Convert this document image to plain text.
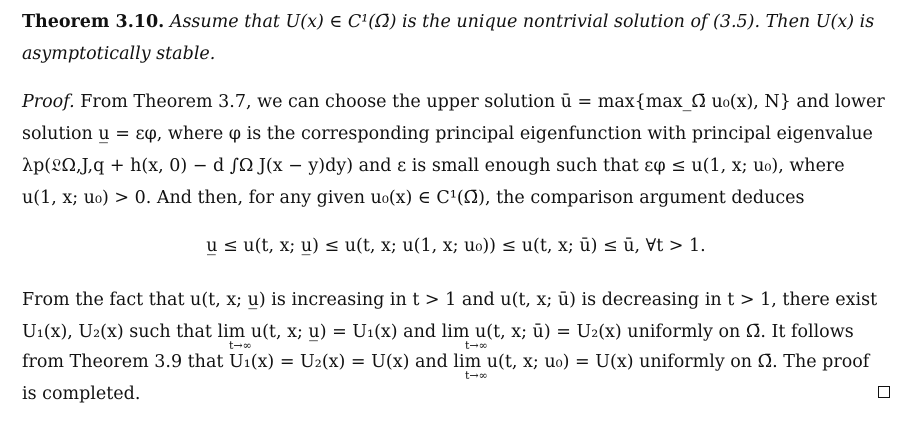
Theorem 3.10. Assume that U(x) ∈ C¹(Ω̄) is the unique nontrivial solution of (3.5). Then U(x) is
asymptotically stable.
Proof. From Theorem 3.7, we can choose the upper solution ū = max{max_Ω̄ u₀(x), N} and lower
solution u̲ = εφ, where φ is the corresponding principal eigenfunction with principal eigenvalue
λp(𝔏Ω,J,q + h(x, 0) − d ∫Ω J(x − y)dy) and ε is small enough such that εφ ≤ u(1, x; u₀), where
u(1, x; u₀) > 0. And then, for any given u₀(x) ∈ C¹(Ω̄), the comparison argument deduces
u̲ ≤ u(t, x; u̲) ≤ u(t, x; u(1, x; u₀)) ≤ u(t, x; ū) ≤ ū, ∀t > 1.
From the fact that u(t, x; u̲) is increasing in t > 1 and u(t, x; ū) is decreasing in t > 1, there exist
U₁(x), U₂(x) such that lim u(t, x; u̲) = U₁(x) and lim u(t, x; ū) = U₂(x) uniformly on Ω̄. It follows
from Theorem 3.9 that U₁(x) = U₂(x) = U(x) and lim u(t, x; u₀) = U(x) uniformly on Ω̄. The proof
is completed.
t→∞	t→∞
t→∞
